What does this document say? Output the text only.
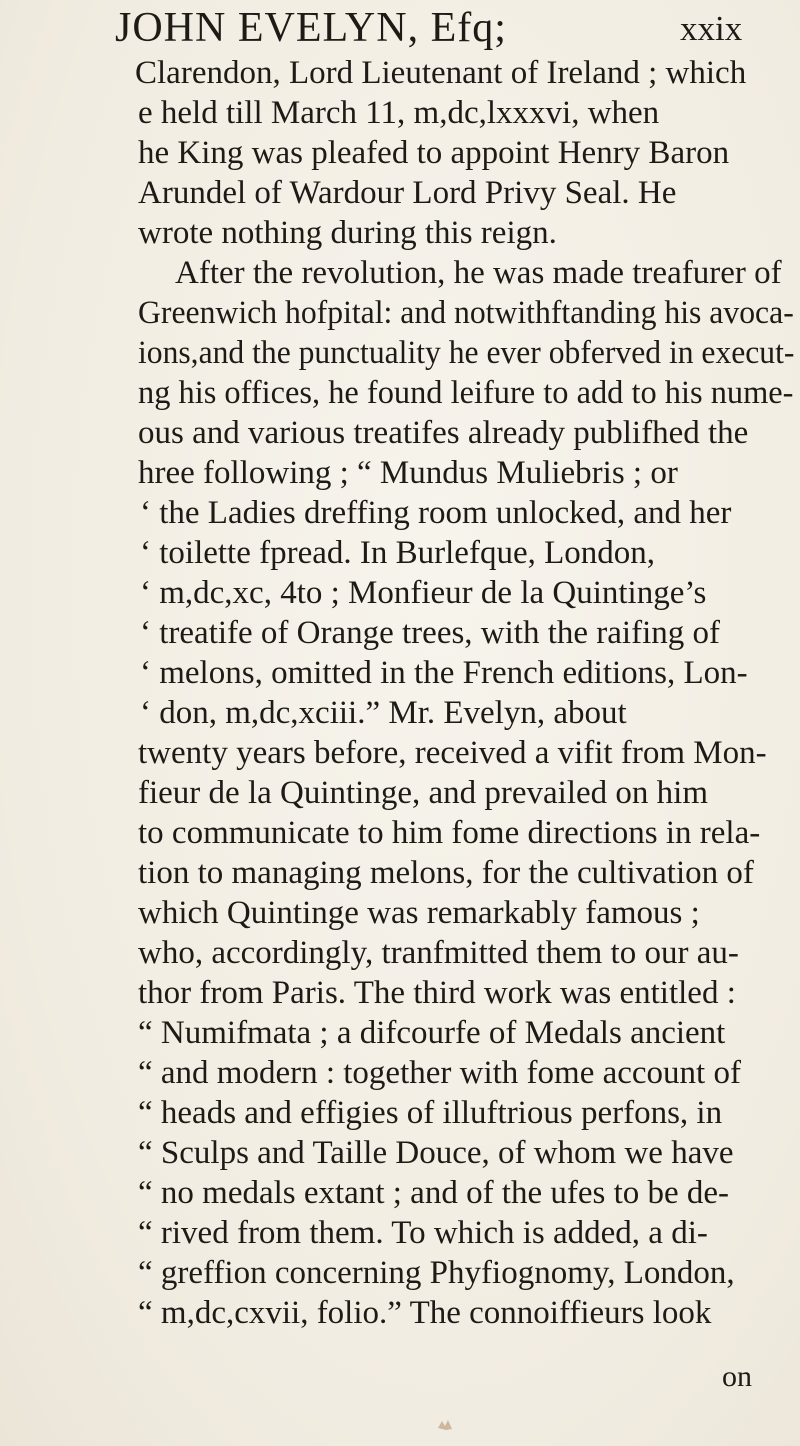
JOHN EVELYN, Efq;	xxix
Clarendon, Lord Lieutenant of Ireland ; which
e held till March 11, m,dc,lxxxvi, when
he King was pleafed to appoint Henry Baron
Arundel of Wardour Lord Privy Seal. He
wrote nothing during this reign.
After the revolution, he was made treafurer of
Greenwich hofpital: and notwithftanding his avoca-
ions,and the punctuality he ever obferved in execut-
ng his offices, he found leifure to add to his nume-
ous and various treatifes already publifhed the
hree following ; “ Mundus Muliebris ; or
‘ the Ladies dreffing room unlocked, and her
‘ toilette fpread. In Burlefque, London,
‘ m,dc,xc, 4to ; Monfieur de la Quintinge’s
‘ treatife of Orange trees, with the raifing of
‘ melons, omitted in the French editions, Lon-
‘ don, m,dc,xciii.” Mr. Evelyn, about
twenty years before, received a vifit from Mon-
fieur de la Quintinge, and prevailed on him
to communicate to him fome directions in rela-
tion to managing melons, for the cultivation of
which Quintinge was remarkably famous ;
who, accordingly, tranfmitted them to our au-
thor from Paris. The third work was entitled :
“ Numifmata ; a difcourfe of Medals ancient
“ and modern : together with fome account of
“ heads and effigies of illuftrious perfons, in
“ Sculps and Taille Douce, of whom we have
“ no medals extant ; and of the ufes to be de-
“ rived from them. To which is added, a di-
“ greffion concerning Phyfiognomy, London,
“ m,dc,cxvii, folio.” The connoiffieurs look
on
